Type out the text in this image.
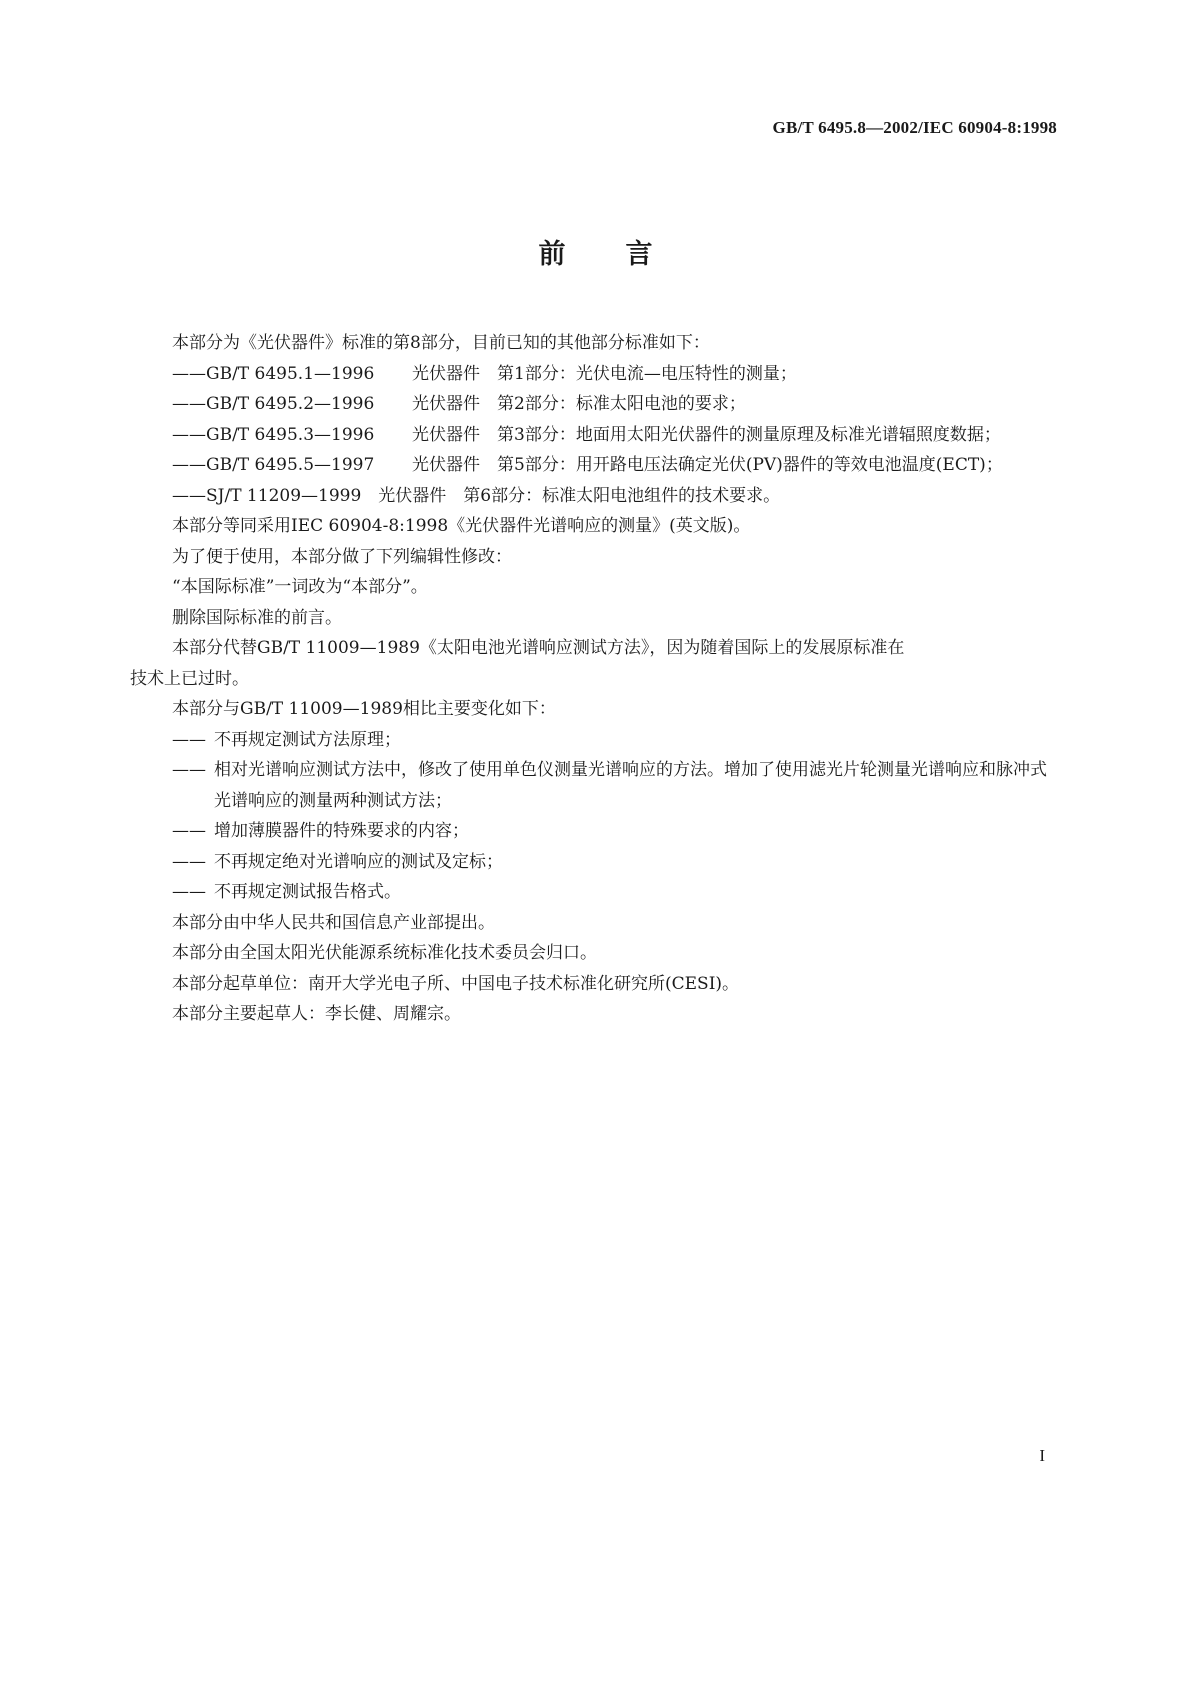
GB/T 6495.8—2002/IEC 60904-8:1998
前 言
本部分为《光伏器件》标准的第8部分，目前已知的其他部分标准如下：
——GB/T 6495.1—1996	光伏器件　第1部分：光伏电流—电压特性的测量；
——GB/T 6495.2—1996	光伏器件　第2部分：标准太阳电池的要求；
——GB/T 6495.3—1996	光伏器件　第3部分：地面用太阳光伏器件的测量原理及标准光谱辐照度数据；
——GB/T 6495.5—1997	光伏器件　第5部分：用开路电压法确定光伏(PV)器件的等效电池温度(ECT)；
——SJ/T 11209—1999　光伏器件　第6部分：标准太阳电池组件的技术要求。
本部分等同采用IEC 60904-8:1998《光伏器件光谱响应的测量》(英文版)。
为了便于使用，本部分做了下列编辑性修改：
“本国际标准”一词改为“本部分”。
删除国际标准的前言。
本部分代替GB/T 11009—1989《太阳电池光谱响应测试方法》，因为随着国际上的发展原标准在
技术上已过时。
本部分与GB/T 11009—1989相比主要变化如下：
—— 不再规定测试方法原理；
—— 相对光谱响应测试方法中，修改了使用单色仪测量光谱响应的方法。增加了使用滤光片轮测量光谱响应和脉冲式光谱响应的测量两种测试方法；
—— 增加薄膜器件的特殊要求的内容；
—— 不再规定绝对光谱响应的测试及定标；
—— 不再规定测试报告格式。
本部分由中华人民共和国信息产业部提出。
本部分由全国太阳光伏能源系统标准化技术委员会归口。
本部分起草单位：南开大学光电子所、中国电子技术标准化研究所(CESI)。
本部分主要起草人：李长健、周耀宗。
I
